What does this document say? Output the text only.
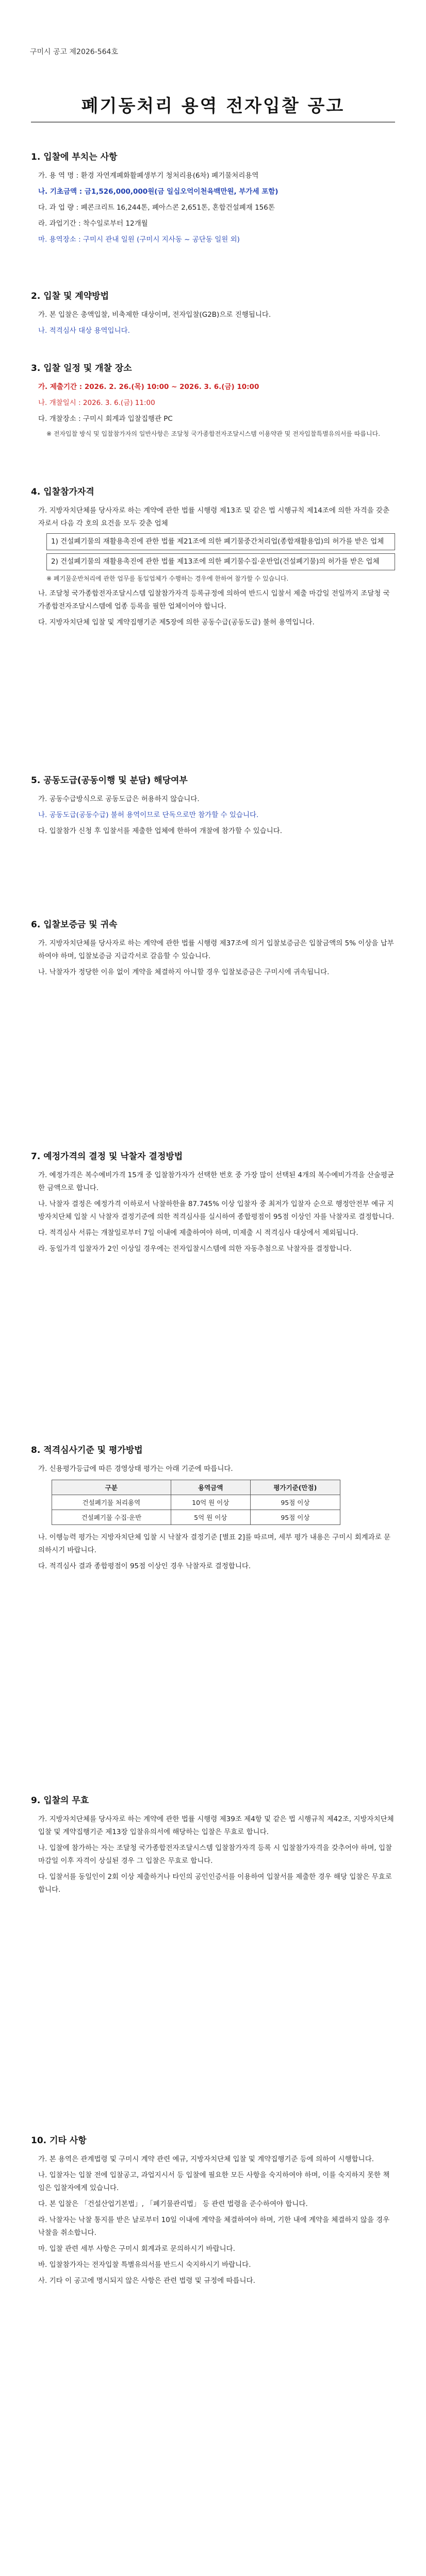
구미시 공고 제2026-564호
폐기동처리 용역 전자입찰 공고
1. 입찰에 부치는 사항
가. 용 역 명 : 환경 자연계폐화활폐생부기 청처리용(6차) 폐기물처리용역
나. 기초금액 : 금1,526,000,000원(금 일십오억이천육백만원, 부가세 포함)
다. 과 업 량 : 폐콘크리트 16,244톤, 폐아스콘 2,651톤, 혼합건설폐재 156톤
라. 과업기간 : 착수일로부터 12개월
마. 용역장소 : 구미시 관내 일원 (구미시 지사동 ~ 공단동 일원 외)
2. 입찰 및 계약방법
가. 본 입찰은 총액입찰, 비축제한 대상이며, 전자입찰(G2B)으로 진행됩니다.
나. 적격심사 대상 용역입니다.
3. 입찰 일정 및 개찰 장소
가. 제출기간 : 2026. 2. 26.(목) 10:00 ~ 2026. 3. 6.(금) 10:00
나. 개찰일시 : 2026. 3. 6.(금) 11:00
다. 개찰장소 : 구미시 회계과 입찰집행관 PC
※ 전자입찰 방식 및 입찰참가자의 일반사항은 조달청 국가종합전자조달시스템 이용약관 및 전자입찰특별유의서를 따릅니다.
4. 입찰참가자격
가. 지방자치단체를 당사자로 하는 계약에 관한 법률 시행령 제13조 및 같은 법 시행규칙 제14조에 의한 자격을 갖춘 자로서 다음 각 호의 요건을 모두 갖춘 업체
1) 건설폐기물의 재활용촉진에 관한 법률 제21조에 의한 폐기물중간처리업(종합재활용업)의 허가를 받은 업체
2) 건설폐기물의 재활용촉진에 관한 법률 제13조에 의한 폐기물수집·운반업(건설폐기물)의 허가를 받은 업체
※ 폐기물운반처리에 관한 업무를 동일업체가 수행하는 경우에 한하여 참가할 수 있습니다.
나. 조달청 국가종합전자조달시스템 입찰참가자격 등록규정에 의하여 반드시 입찰서 제출 마감일 전일까지 조달청 국가종합전자조달시스템에 업종 등록을 필한 업체이어야 합니다.
다. 지방자치단체 입찰 및 계약집행기준 제5장에 의한 공동수급(공동도급) 불허 용역입니다.
5. 공동도급(공동이행 및 분담) 해당여부
가. 공동수급방식으로 공동도급은 허용하지 않습니다.
나. 공동도급(공동수급) 불허 용역이므로 단독으로만 참가할 수 있습니다.
다. 입찰참가 신청 후 입찰서를 제출한 업체에 한하여 개찰에 참가할 수 있습니다.
6. 입찰보증금 및 귀속
가. 지방자치단체를 당사자로 하는 계약에 관한 법률 시행령 제37조에 의거 입찰보증금은 입찰금액의 5% 이상을 납부하여야 하며, 입찰보증금 지급각서로 갈음할 수 있습니다.
나. 낙찰자가 정당한 이유 없이 계약을 체결하지 아니할 경우 입찰보증금은 구미시에 귀속됩니다.
7. 예정가격의 결정 및 낙찰자 결정방법
가. 예정가격은 복수예비가격 15개 중 입찰참가자가 선택한 번호 중 가장 많이 선택된 4개의 복수예비가격을 산술평균한 금액으로 합니다.
나. 낙찰자 결정은 예정가격 이하로서 낙찰하한율 87.745% 이상 입찰자 중 최저가 입찰자 순으로 행정안전부 예규 지방자치단체 입찰 시 낙찰자 결정기준에 의한 적격심사를 실시하여 종합평점이 95점 이상인 자를 낙찰자로 결정합니다.
다. 적격심사 서류는 개찰일로부터 7일 이내에 제출하여야 하며, 미제출 시 적격심사 대상에서 제외됩니다.
라. 동일가격 입찰자가 2인 이상일 경우에는 전자입찰시스템에 의한 자동추첨으로 낙찰자를 결정합니다.
8. 적격심사기준 및 평가방법
가. 신용평가등급에 따른 경영상태 평가는 아래 기준에 따릅니다.
구분	용역금액	평가기준(만점)
건설폐기물 처리용역	10억 원 이상	95점 이상
건설폐기물 수집·운반	5억 원 이상	95점 이상
나. 이행능력 평가는 지방자치단체 입찰 시 낙찰자 결정기준 [별표 2]를 따르며, 세부 평가 내용은 구미시 회계과로 문의하시기 바랍니다.
다. 적격심사 결과 종합평점이 95점 이상인 경우 낙찰자로 결정합니다.
9. 입찰의 무효
가. 지방자치단체를 당사자로 하는 계약에 관한 법률 시행령 제39조 제4항 및 같은 법 시행규칙 제42조, 지방자치단체 입찰 및 계약집행기준 제13장 입찰유의서에 해당하는 입찰은 무효로 합니다.
나. 입찰에 참가하는 자는 조달청 국가종합전자조달시스템 입찰참가자격 등록 시 입찰참가자격을 갖추어야 하며, 입찰마감일 이후 자격이 상실된 경우 그 입찰은 무효로 합니다.
다. 입찰서를 동일인이 2회 이상 제출하거나 타인의 공인인증서를 이용하여 입찰서를 제출한 경우 해당 입찰은 무효로 합니다.
10. 기타 사항
가. 본 용역은 관계법령 및 구미시 계약 관련 예규, 지방자치단체 입찰 및 계약집행기준 등에 의하여 시행합니다.
나. 입찰자는 입찰 전에 입찰공고, 과업지시서 등 입찰에 필요한 모든 사항을 숙지하여야 하며, 이를 숙지하지 못한 책임은 입찰자에게 있습니다.
다. 본 입찰은 「건설산업기본법」, 「폐기물관리법」 등 관련 법령을 준수하여야 합니다.
라. 낙찰자는 낙찰 통지를 받은 날로부터 10일 이내에 계약을 체결하여야 하며, 기한 내에 계약을 체결하지 않을 경우 낙찰을 취소합니다.
마. 입찰 관련 세부 사항은 구미시 회계과로 문의하시기 바랍니다.
바. 입찰참가자는 전자입찰 특별유의서를 반드시 숙지하시기 바랍니다.
사. 기타 이 공고에 명시되지 않은 사항은 관련 법령 및 규정에 따릅니다.
